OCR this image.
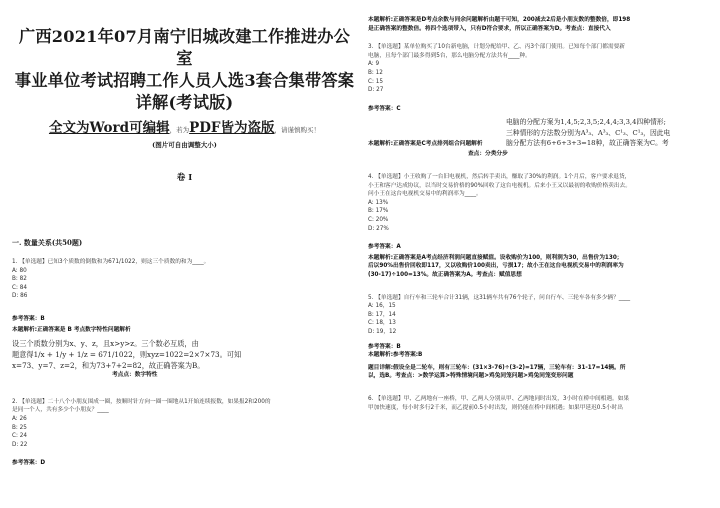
广西2021年07月南宁旧城改建工作推进办公室
事业单位考试招聘工作人员人选3套合集带答案
详解(考试版)
全文为Word可编辑，若为PDF皆为盗版，请谨慎购买！
(图片可自由调整大小)
卷 I
一. 数量关系(共50题)
1. 【单选题】已知3个质数的倒数和为671/1022，则这三个质数的和为____。
A: 80
B: 82
C: 84
D: 86
参考答案：B
本题解析:正确答案是 B 考点数字特性问题解析
设三个质数分别为x、y、z，且x>y>z。三个数必互质，由
题意得1/x + 1/y + 1/z = 671/1022，则xyz=1022=2×7×73。可知
x=73、y=7、z=2，和为73+7+2=82，故正确答案为B。
考点点：数字特性
2. 【单选题】二十八个小朋友围成一圈，按顺时针方向一圈一圈地从1开始连续报数，如果报2和200的
是同一个人，共有多少个小朋友？____
A: 26
B: 25
C: 24
D: 22
参考答案：D
本题解析:正确答案是D考点余数与同余问题解析由题干可知，200减去2后是小朋友数的整数倍，即198
是正确答案的整数倍。将四个选项带入，只有D符合要求，所以正确答案为D。考查点：直接代入
3. 【单选题】某单位购买了10台新电脑，计划分配给甲、乙、丙3个部门使用。已知每个部门都需要新
电脑，且每个部门最多得到5台，那么电脑分配方法共有____种。
A: 9
B: 12
C: 15
D: 27
参考答案：C
电脑的分配方案为1,4,5;2,3,5;2,4,4;3,3,4四种情形;
三种情形的方法数分别为A³₃、A³₃、C¹₃、C¹₃，因此电
脑分配方法有6+6+3+3=18种，故正确答案为C。考
本题解析:正确答案是C考点排列组合问题解析
查点：分类分步
4. 【单选题】小王收购了一台旧电视机，然后转手卖出，赚取了30%的利润。1个月后，客户要求退货，
小王和客户达成协议，以当时交易价格的90%回收了这台电视机。后来小王又以最初的收购价格卖出去。
问小王在这台电视机交易中的利润率为____。
A: 13%
B: 17%
C: 20%
D: 27%
参考答案：A
本题解析:正确答案是A考点经济利润问题直接赋值。设收购价为100，则利润为30，出售价为130；
后以90%出售价回收即117，又以收购价100卖出，亏损17；故小王在这台电视机交易中的利润率为
(30-17)÷100=13%。故正确答案为A。考查点：赋值思想
5. 【单选题】自行车和三轮车合计31辆，这31辆车共有76个轮子，问自行车、三轮车各有多少辆？____
A: 16，15
B: 17，14
C: 18，13
D: 19，12
参考答案：B
本题解析:参考答案:B
题目详解:假设全是二轮车，则有三轮车：(31×3-76)÷(3-2)=17辆，三轮车有：31-17=14辆。所
以，选B。考查点：>数学运算>特殊情境问题>鸡兔同笼问题>鸡兔同笼变形问题
6. 【单选题】甲、乙两地有一座桥，甲、乙两人分别从甲、乙两地同时出发，3小时在桥中间相遇。如果
甲加快速度，每小时多行2千米，而乙提前0.5小时出发，则仍能在桥中间相遇；如果甲延迟0.5小时出
